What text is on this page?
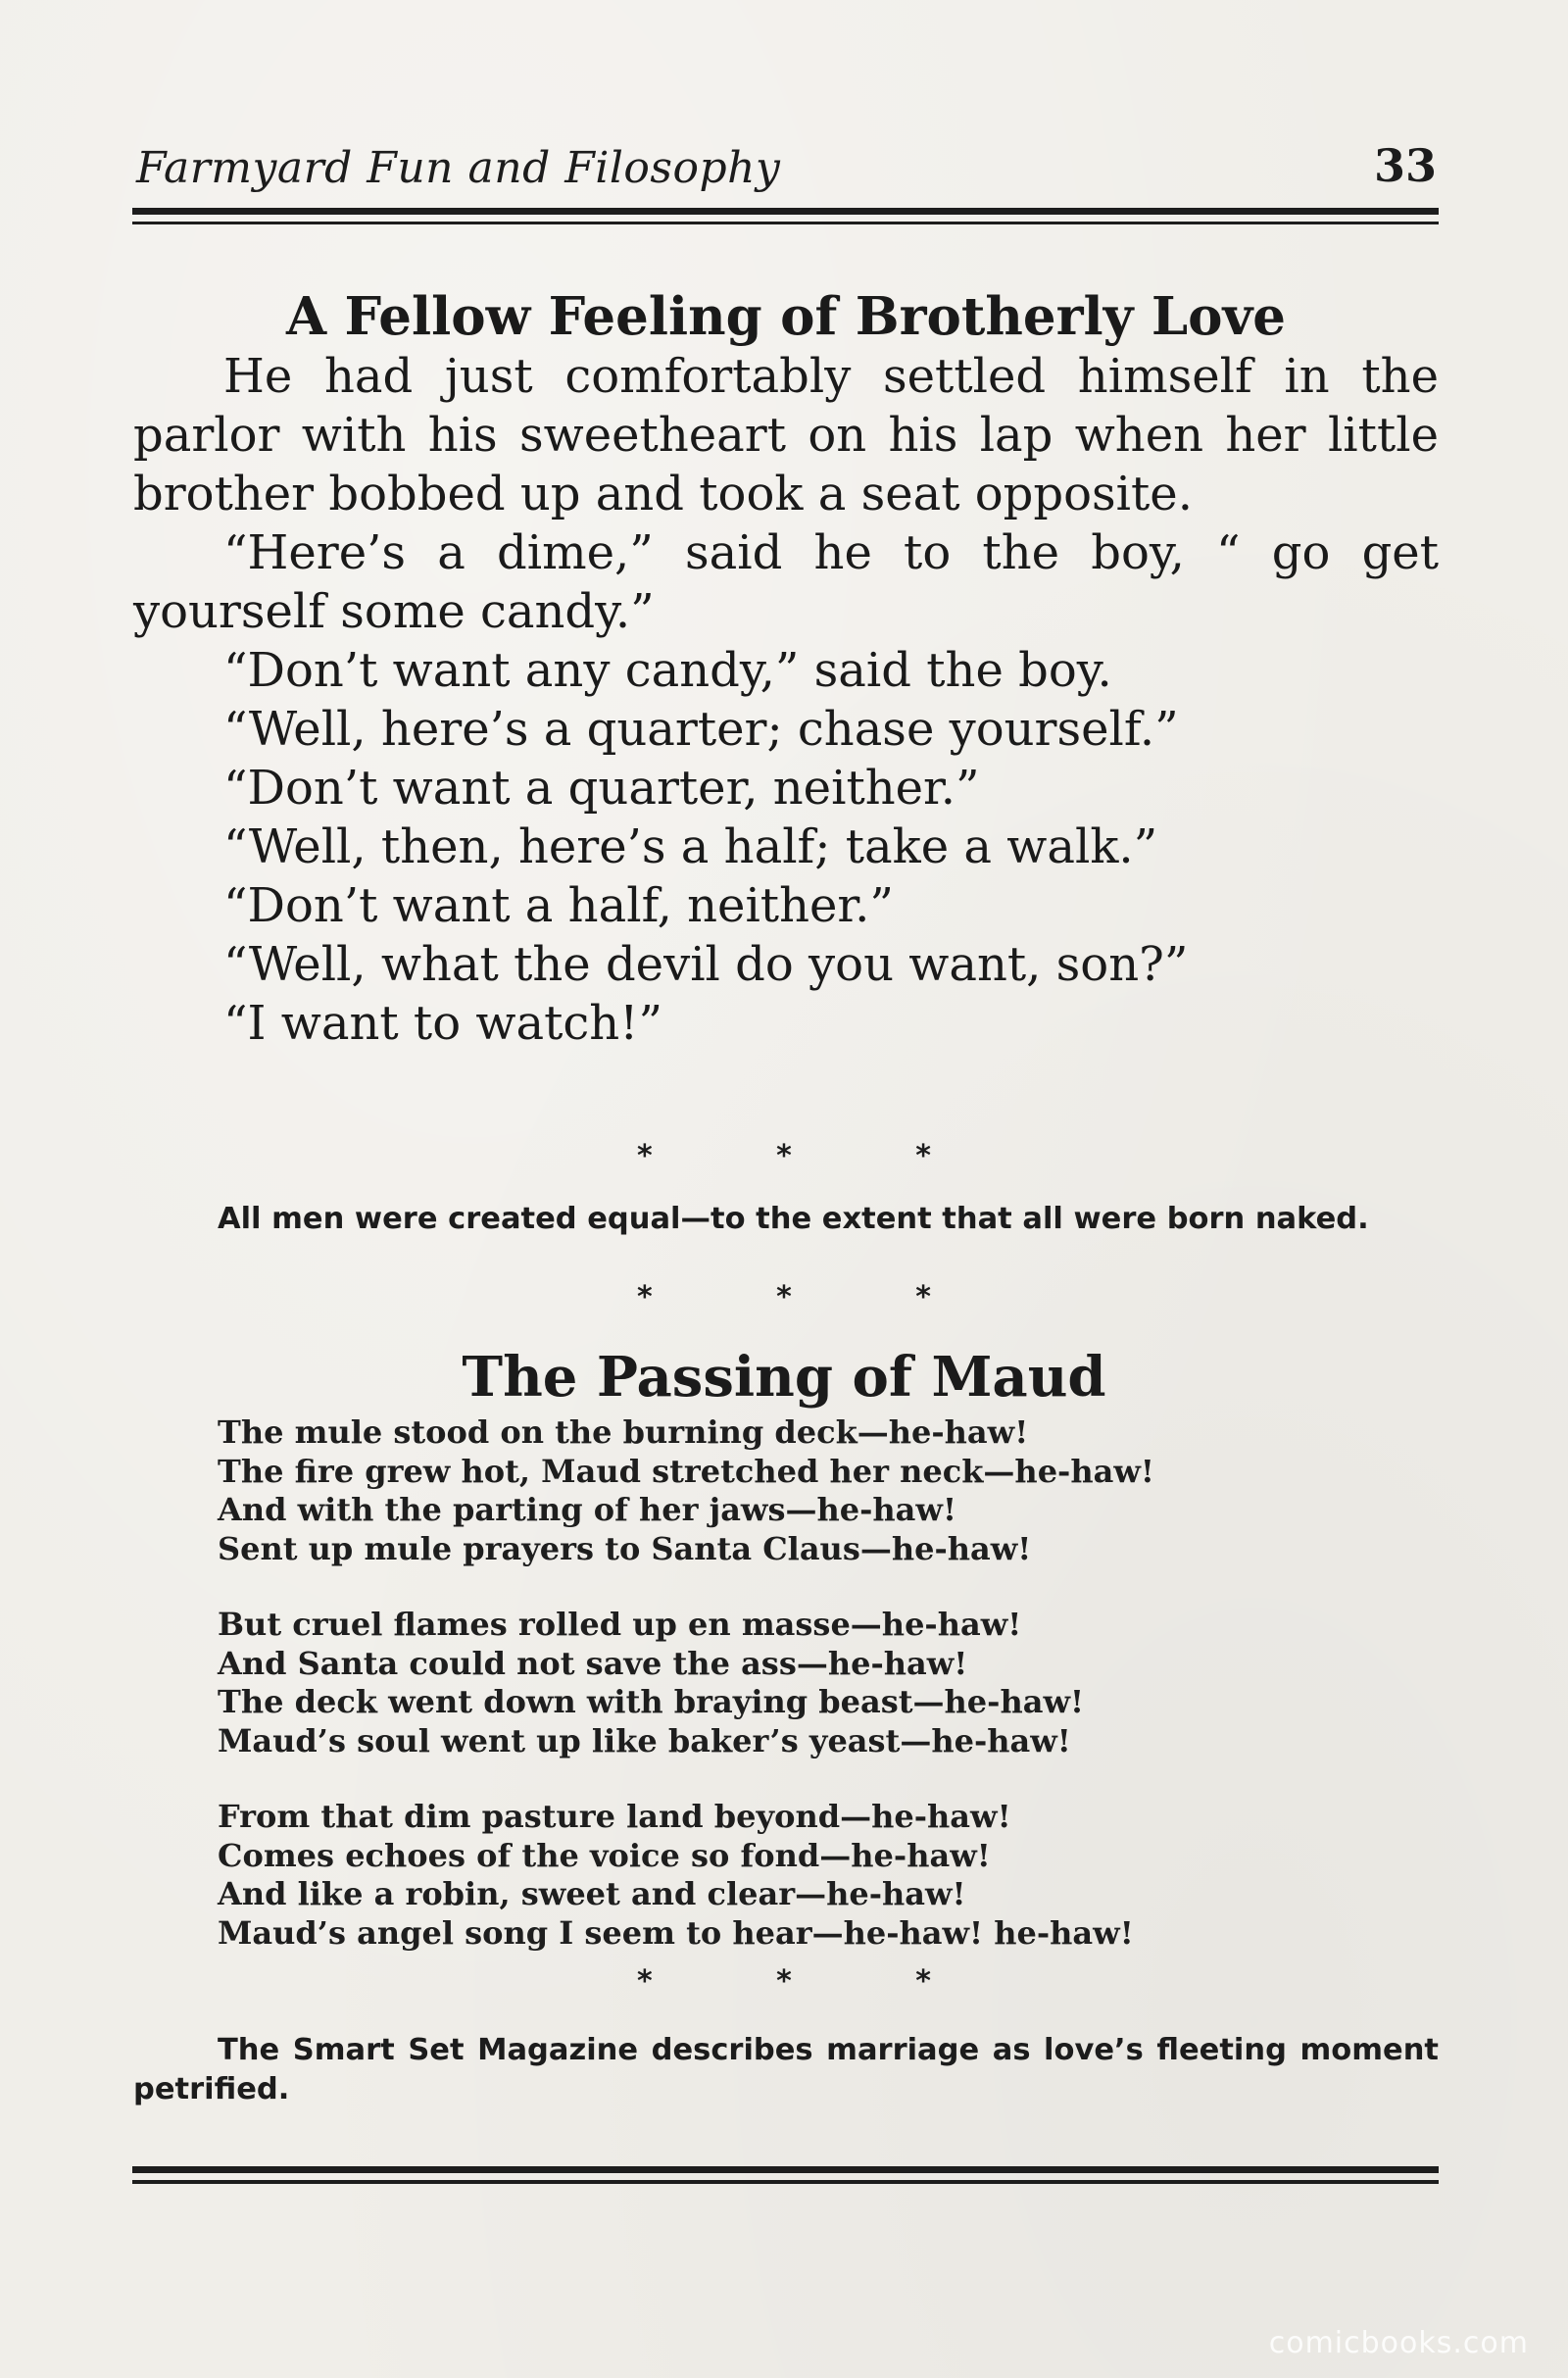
Farmyard Fun and Filosophy	33
A Fellow Feeling of Brotherly Love

He had just comfortably settled himself in the parlor with his sweetheart on his lap when her little brother bobbed up and took a seat opposite.

“Here’s a dime,” said he to the boy, “ go get yourself some candy.”

“Don’t want any candy,” said the boy.

“Well, here’s a quarter; chase yourself.”

“Don’t want a quarter, neither.”

“Well, then, here’s a half; take a walk.”

“Don’t want a half, neither.”

“Well, what the devil do you want, son?”

“I want to watch!”

* * *

All men were created equal—to the extent that all were born naked.

* * *
The Passing of Maud
The mule stood on the burning deck—he-haw!
The fire grew hot, Maud stretched her neck—he-haw!
And with the parting of her jaws—he-haw!
Sent up mule prayers to Santa Claus—he-haw!
But cruel flames rolled up en masse—he-haw!
And Santa could not save the ass—he-haw!
The deck went down with braying beast—he-haw!
Maud’s soul went up like baker’s yeast—he-haw!
From that dim pasture land beyond—he-haw!
Comes echoes of the voice so fond—he-haw!
And like a robin, sweet and clear—he-haw!
Maud’s angel song I seem to hear—he-haw! he-haw!
* * *

The Smart Set Magazine describes marriage as love’s fleeting moment petrified.

comicbooks.com
